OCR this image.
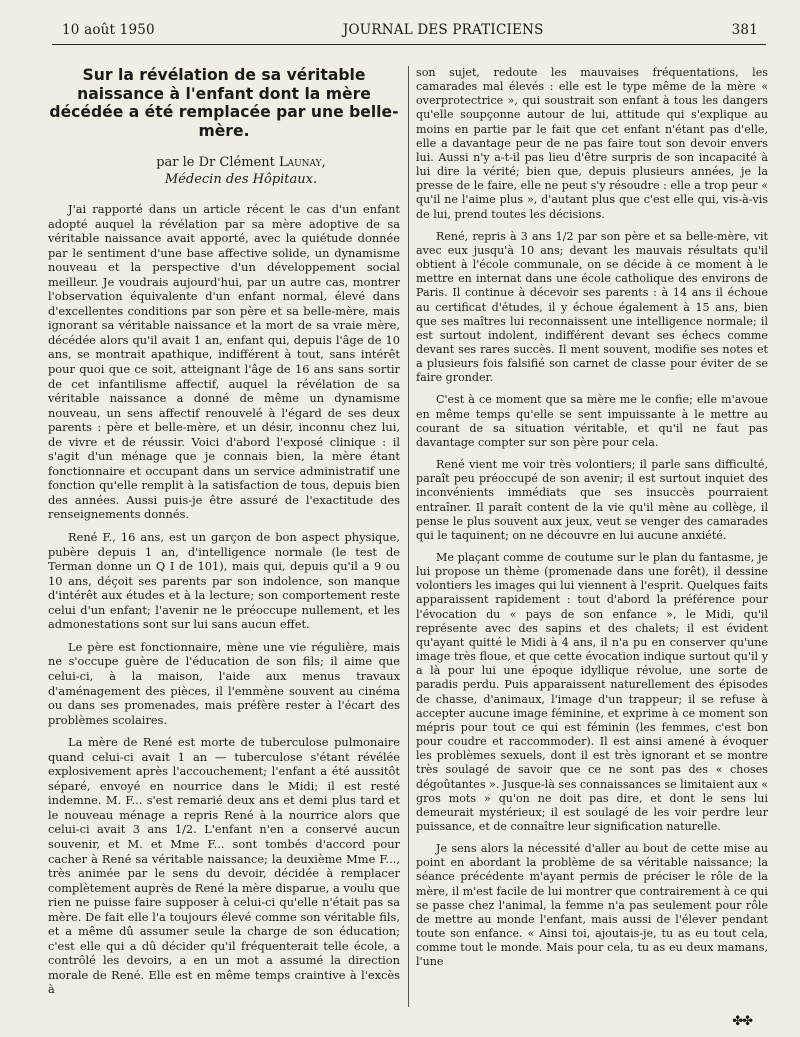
10 août 1950	JOURNAL DES PRATICIENS	381
Sur la révélation de sa véritable naissance à l'enfant dont la mère décédée a été remplacée par une belle-mère.
par le Dr Clément Launay,
Médecin des Hôpitaux.

J'ai rapporté dans un article récent le cas d'un enfant adopté auquel la révélation par sa mère adoptive de sa véritable naissance avait apporté, avec la quiétude donnée par le sentiment d'une base affective solide, un dynamisme nouveau et la perspective d'un développement social meilleur. Je voudrais aujourd'hui, par un autre cas, montrer l'observation équivalente d'un enfant normal, élevé dans d'excellentes conditions par son père et sa belle-mère, mais ignorant sa véritable naissance et la mort de sa vraie mère, décédée alors qu'il avait 1 an, enfant qui, depuis l'âge de 10 ans, se montrait apathique, indifférent à tout, sans intérêt pour quoi que ce soit, atteignant l'âge de 16 ans sans sortir de cet infantilisme affectif, auquel la révélation de sa véritable naissance a donné de même un dynamisme nouveau, un sens affectif renouvelé à l'égard de ses deux parents : père et belle-mère, et un désir, inconnu chez lui, de vivre et de réussir. Voici d'abord l'exposé clinique : il s'agit d'un ménage que je connais bien, la mère étant fonctionnaire et occupant dans un service administratif une fonction qu'elle remplit à la satisfaction de tous, depuis bien des années. Aussi puis-je être assuré de l'exactitude des renseignements donnés.

René F., 16 ans, est un garçon de bon aspect physique, pubère depuis 1 an, d'intelligence normale (le test de Terman donne un Q I de 101), mais qui, depuis qu'il a 9 ou 10 ans, déçoit ses parents par son indolence, son manque d'intérêt aux études et à la lecture; son comportement reste celui d'un enfant; l'avenir ne le préoccupe nullement, et les admonestations sont sur lui sans aucun effet.

Le père est fonctionnaire, mène une vie régulière, mais ne s'occupe guère de l'éducation de son fils; il aime que celui-ci, à la maison, l'aide aux menus travaux d'aménagement des pièces, il l'emmène souvent au cinéma ou dans ses promenades, mais préfère rester à l'écart des problèmes scolaires.

La mère de René est morte de tuberculose pulmonaire quand celui-ci avait 1 an — tuberculose s'étant révélée explosivement après l'accouchement; l'enfant a été aussitôt séparé, envoyé en nourrice dans le Midi; il est resté indemne. M. F... s'est remarié deux ans et demi plus tard et le nouveau ménage a repris René à la nourrice alors que celui-ci avait 3 ans 1/2. L'enfant n'en a conservé aucun souvenir, et M. et Mme F... sont tombés d'accord pour cacher à René sa véritable naissance; la deuxième Mme F..., très animée par le sens du devoir, décidée à remplacer complètement auprès de René la mère disparue, a voulu que rien ne puisse faire supposer à celui-ci qu'elle n'était pas sa mère. De fait elle l'a toujours élevé comme son véritable fils, et a même dû assumer seule la charge de son éducation; c'est elle qui a dû décider qu'il fréquenterait telle école, a contrôlé les devoirs, a en un mot a assumé la direction morale de René. Elle est en même temps craintive à l'excès à

son sujet, redoute les mauvaises fréquentations, les camarades mal élevés : elle est le type même de la mère « overprotectrice », qui soustrait son enfant à tous les dangers qu'elle soupçonne autour de lui, attitude qui s'explique au moins en partie par le fait que cet enfant n'étant pas d'elle, elle a davantage peur de ne pas faire tout son devoir envers lui. Aussi n'y a-t-il pas lieu d'être surpris de son incapacité à lui dire la vérité; bien que, depuis plusieurs années, je la presse de le faire, elle ne peut s'y résoudre : elle a trop peur « qu'il ne l'aime plus », d'autant plus que c'est elle qui, vis-à-vis de lui, prend toutes les décisions.

René, repris à 3 ans 1/2 par son père et sa belle-mère, vit avec eux jusqu'à 10 ans; devant les mauvais résultats qu'il obtient à l'école communale, on se décide à ce moment à le mettre en internat dans une école catholique des environs de Paris. Il continue à décevoir ses parents : à 14 ans il échoue au certificat d'études, il y échoue également à 15 ans, bien que ses maîtres lui reconnaissent une intelligence normale; il est surtout indolent, indifférent devant ses échecs comme devant ses rares succès. Il ment souvent, modifie ses notes et a plusieurs fois falsifié son carnet de classe pour éviter de se faire gronder.

C'est à ce moment que sa mère me le confie; elle m'avoue en même temps qu'elle se sent impuissante à le mettre au courant de sa situation véritable, et qu'il ne faut pas davantage compter sur son père pour cela.

René vient me voir très volontiers; il parle sans difficulté, paraît peu préoccupé de son avenir; il est surtout inquiet des inconvénients immédiats que ses insuccès pourraient entraîner. Il paraît content de la vie qu'il mène au collège, il pense le plus souvent aux jeux, veut se venger des camarades qui le taquinent; on ne découvre en lui aucune anxiété.

Me plaçant comme de coutume sur le plan du fantasme, je lui propose un thème (promenade dans une forêt), il dessine volontiers les images qui lui viennent à l'esprit. Quelques faits apparaissent rapidement : tout d'abord la préférence pour l'évocation du « pays de son enfance », le Midi, qu'il représente avec des sapins et des chalets; il est évident qu'ayant quitté le Midi à 4 ans, il n'a pu en conserver qu'une image très floue, et que cette évocation indique surtout qu'il y a là pour lui une époque idyllique révolue, une sorte de paradis perdu. Puis apparaissent naturellement des épisodes de chasse, d'animaux, l'image d'un trappeur; il se refuse à accepter aucune image féminine, et exprime à ce moment son mépris pour tout ce qui est féminin (les femmes, c'est bon pour coudre et raccommoder). Il est ainsi amené à évoquer les problèmes sexuels, dont il est très ignorant et se montre très soulagé de savoir que ce ne sont pas des « choses dégoûtantes ». Jusque-là ses connaissances se limitaient aux « gros mots » qu'on ne doit pas dire, et dont le sens lui demeurait mystérieux; il est soulagé de les voir perdre leur puissance, et de connaître leur signification naturelle.

Je sens alors la nécessité d'aller au bout de cette mise au point en abordant la problème de sa véritable naissance; la séance précédente m'ayant permis de préciser le rôle de la mère, il m'est facile de lui montrer que contrairement à ce qui se passe chez l'animal, la femme n'a pas seulement pour rôle de mettre au monde l'enfant, mais aussi de l'élever pendant toute son enfance. « Ainsi toi, ajoutais-je, tu as eu tout cela, comme tout le monde. Mais pour cela, tu as eu deux mamans, l'une

✤✤
